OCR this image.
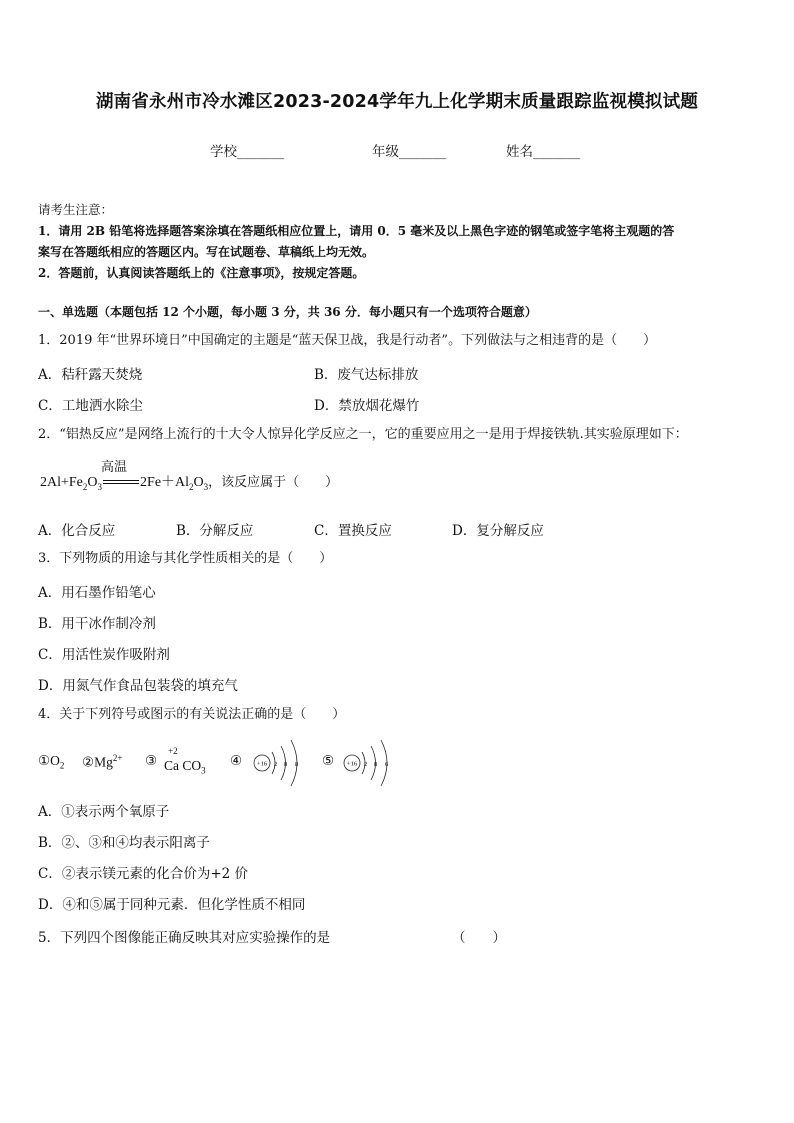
湖南省永州市冷水滩区2023-2024学年九上化学期末质量跟踪监视模拟试题
学校_______	年级_______	姓名_______
请考生注意：
1．请用 2B 铅笔将选择题答案涂填在答题纸相应位置上，请用 0．5 毫米及以上黑色字迹的钢笔或签字笔将主观题的答
案写在答题纸相应的答题区内。写在试题卷、草稿纸上均无效。
2．答题前，认真阅读答题纸上的《注意事项》，按规定答题。
一、单选题（本题包括 12 个小题，每小题 3 分，共 36 分．每小题只有一个选项符合题意）
1．2019 年“世界环境日”中国确定的主题是“蓝天保卫战，我是行动者”。下列做法与之相违背的是（　　）
A．秸秆露天焚烧	B．废气达标排放
C．工地洒水除尘	D．禁放烟花爆竹
2．“铝热反应”是网络上流行的十大令人惊异化学反应之一，它的重要应用之一是用于焊接铁轨.其实验原理如下：
$2Al+Fe_2O_3$
高温
$2Fe+Al_2O_3$，该反应属于（　　）
A．化合反应	B．分解反应	C．置换反应	D．复分解反应
3．下列物质的用途与其化学性质相关的是（　　）
A．用石墨作铅笔心
B．用干冰作制冷剂
C．用活性炭作吸附剂
D．用氮气作食品包装袋的填充气
4．关于下列符号或图示的有关说法正确的是（　　）
$①O_2$ $②Mg^{2+}$ ③
+2
Ca $CO_3$
④ +16 2 8 8 ⑤ +16 2 8 6
A．①表示两个氧原子
B．②、③和④均表示阳离子
C．②表示镁元素的化合价为+2 价
D．④和⑤属于同种元素．但化学性质不相同
5．下列四个图像能正确反映其对应实验操作的是	（　　）
